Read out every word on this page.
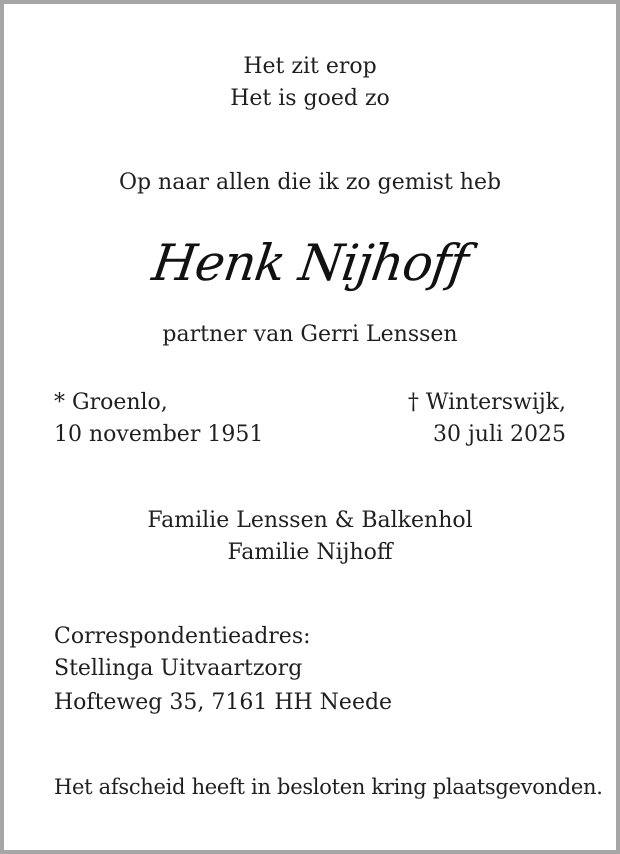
Het zit erop
Het is goed zo
Op naar allen die ik zo gemist heb
Henk Nijhoff
partner van Gerri Lenssen
* Groenlo,
10 november 1951
† Winterswijk,
30 juli 2025
Familie Lenssen & Balkenhol
Familie Nijhoff
Correspondentieadres:
Stellinga Uitvaartzorg
Hofteweg 35, 7161 HH Neede
Het afscheid heeft in besloten kring plaatsgevonden.
